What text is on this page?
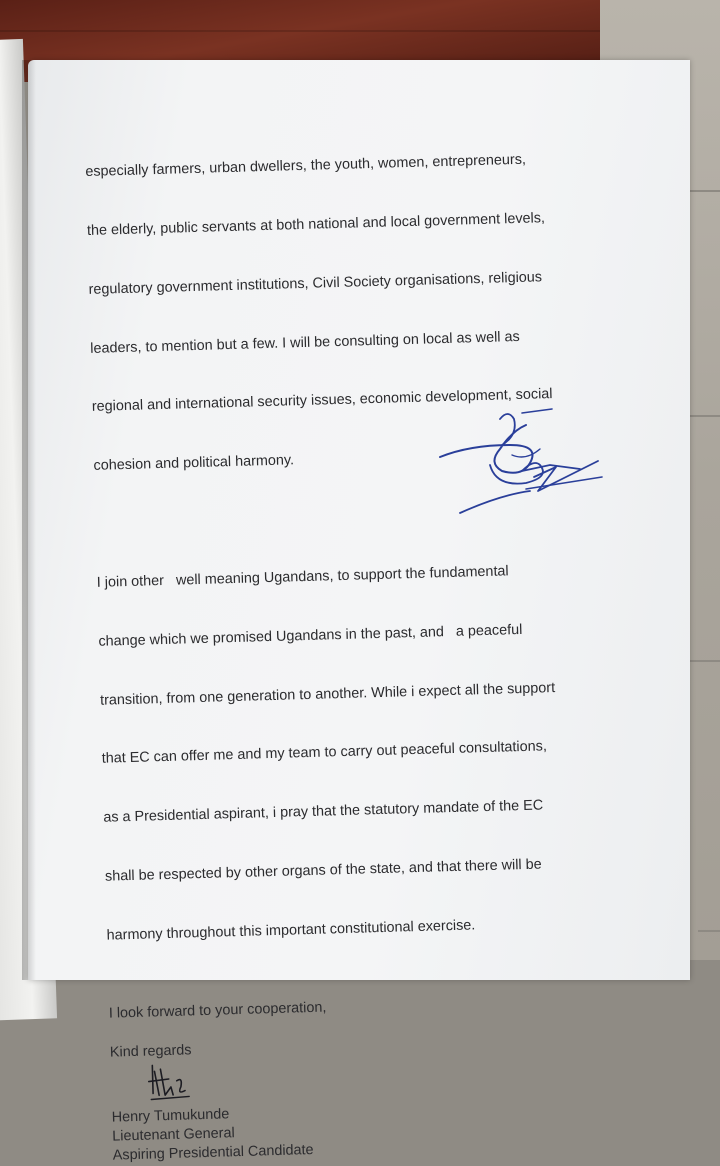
especially farmers, urban dwellers, the youth, women, entrepreneurs,

the elderly, public servants at both national and local government levels,

regulatory government institutions, Civil Society organisations, religious

leaders, to mention but a few. I will be consulting on local as well as

regional and international security issues, economic development, social

cohesion and political harmony.

I join other   well meaning Ugandans, to support the fundamental

change which we promised Ugandans in the past, and   a peaceful

transition, from one generation to another. While i expect all the support

that EC can offer me and my team to carry out peaceful consultations,

as a Presidential aspirant, i pray that the statutory mandate of the EC

shall be respected by other organs of the state, and that there will be

harmony throughout this important constitutional exercise.

I look forward to your cooperation,
Kind regards
Henry Tumukunde
Lieutenant General
Aspiring Presidential Candidate
